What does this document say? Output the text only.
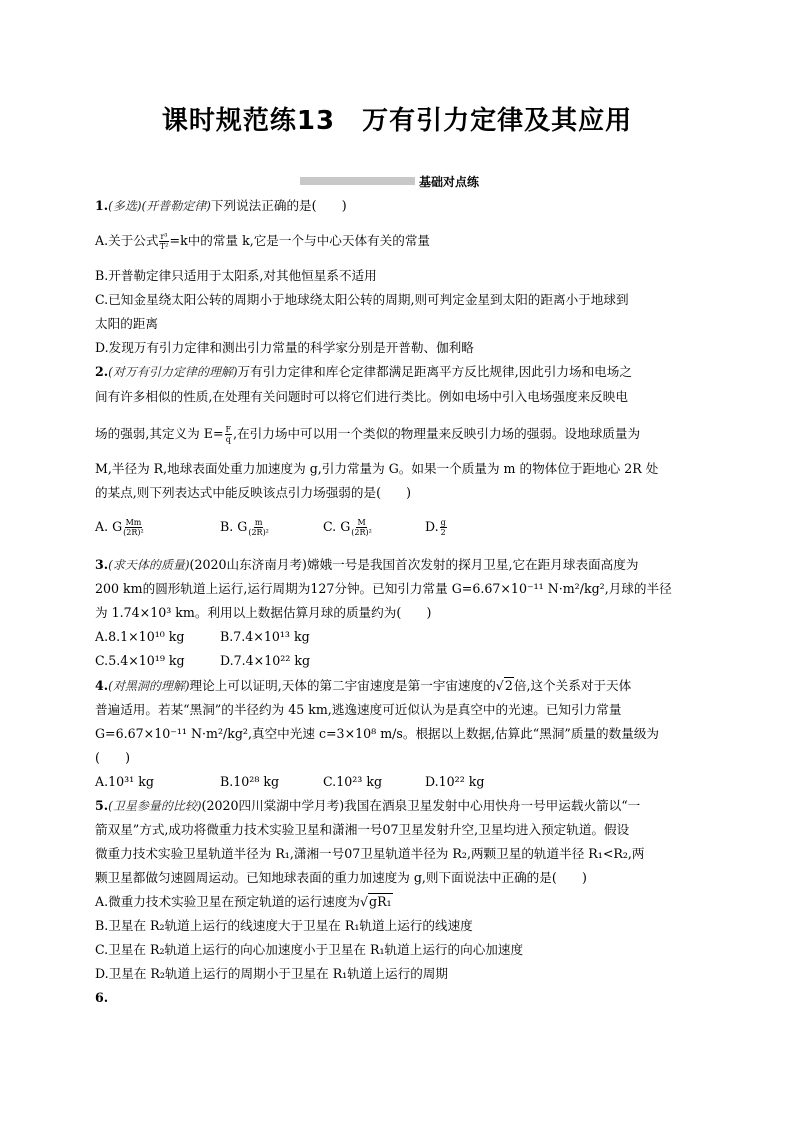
课时规范练13　万有引力定律及其应用
基础对点练
1.(多选)(开普勒定律)下列说法正确的是(　　)
A.关于公式 $\frac{\text{r³}}{\text{T²}} =k$中的常量 k,它是一个与中心天体有关的常量
B.开普勒定律只适用于太阳系,对其他恒星系不适用
C.已知金星绕太阳公转的周期小于地球绕太阳公转的周期,则可判定金星到太阳的距离小于地球到
太阳的距离
D.发现万有引力定律和测出引力常量的科学家分别是开普勒、伽利略
2.(对万有引力定律的理解)万有引力定律和库仑定律都满足距离平方反比规律,因此引力场和电场之
间有许多相似的性质,在处理有关问题时可以将它们进行类比。例如电场中引入电场强度来反映电
场的强弱,其定义为 $E= \frac{F}{q}$ ,在引力场中可以用一个类似的物理量来反映引力场的强弱。设地球质量为
M,半径为 R,地球表面处重力加速度为 g,引力常量为 G。如果一个质量为 m 的物体位于距地心 2R 处
的某点,则下列表达式中能反映该点引力场强弱的是(　　)
A. G $\frac{Mm}{\text{(2R)²}}$	B. G $\frac{m}{\text{(2R)²}}$	C. G $\frac{M}{\text{(2R)²}}$	D. $\frac{g}{2}$
3.(求天体的质量)(2020山东济南月考)嫦娥一号是我国首次发射的探月卫星,它在距月球表面高度为
200 km的圆形轨道上运行,运行周期为127分钟。已知引力常量 G=6.67×10⁻¹¹ N·m²/kg²,月球的半径
为 1.74×10³ km。利用以上数据估算月球的质量约为(　　)
A.8.1×10¹⁰ kg	B.7.4×10¹³ kg
C.5.4×10¹⁹ kg	D.7.4×10²² kg
4.(对黑洞的理解)理论上可以证明,天体的第二宇宙速度是第一宇宙速度的√2倍,这个关系对于天体
普遍适用。若某“黑洞”的半径约为 45 km,逃逸速度可近似认为是真空中的光速。已知引力常量
G=6.67×10⁻¹¹ N·m²/kg²,真空中光速 c=3×10⁸ m/s。根据以上数据,估算此“黑洞”质量的数量级为
(　　)
A.10³¹ kg	B.10²⁸ kg	C.10²³ kg	D.10²² kg
5.(卫星参量的比较)(2020四川棠湖中学月考)我国在酒泉卫星发射中心用快舟一号甲运载火箭以“一
箭双星”方式,成功将微重力技术实验卫星和潇湘一号07卫星发射升空,卫星均进入预定轨道。假设
微重力技术实验卫星轨道半径为 R₁,潇湘一号07卫星轨道半径为 R₂,两颗卫星的轨道半径 R₁<R₂,两
颗卫星都做匀速圆周运动。已知地球表面的重力加速度为 g,则下面说法中正确的是(　　)
A.微重力技术实验卫星在预定轨道的运行速度为√gR₁
B.卫星在 R₂轨道上运行的线速度大于卫星在 R₁轨道上运行的线速度
C.卫星在 R₂轨道上运行的向心加速度小于卫星在 R₁轨道上运行的向心加速度
D.卫星在 R₂轨道上运行的周期小于卫星在 R₁轨道上运行的周期
6.
